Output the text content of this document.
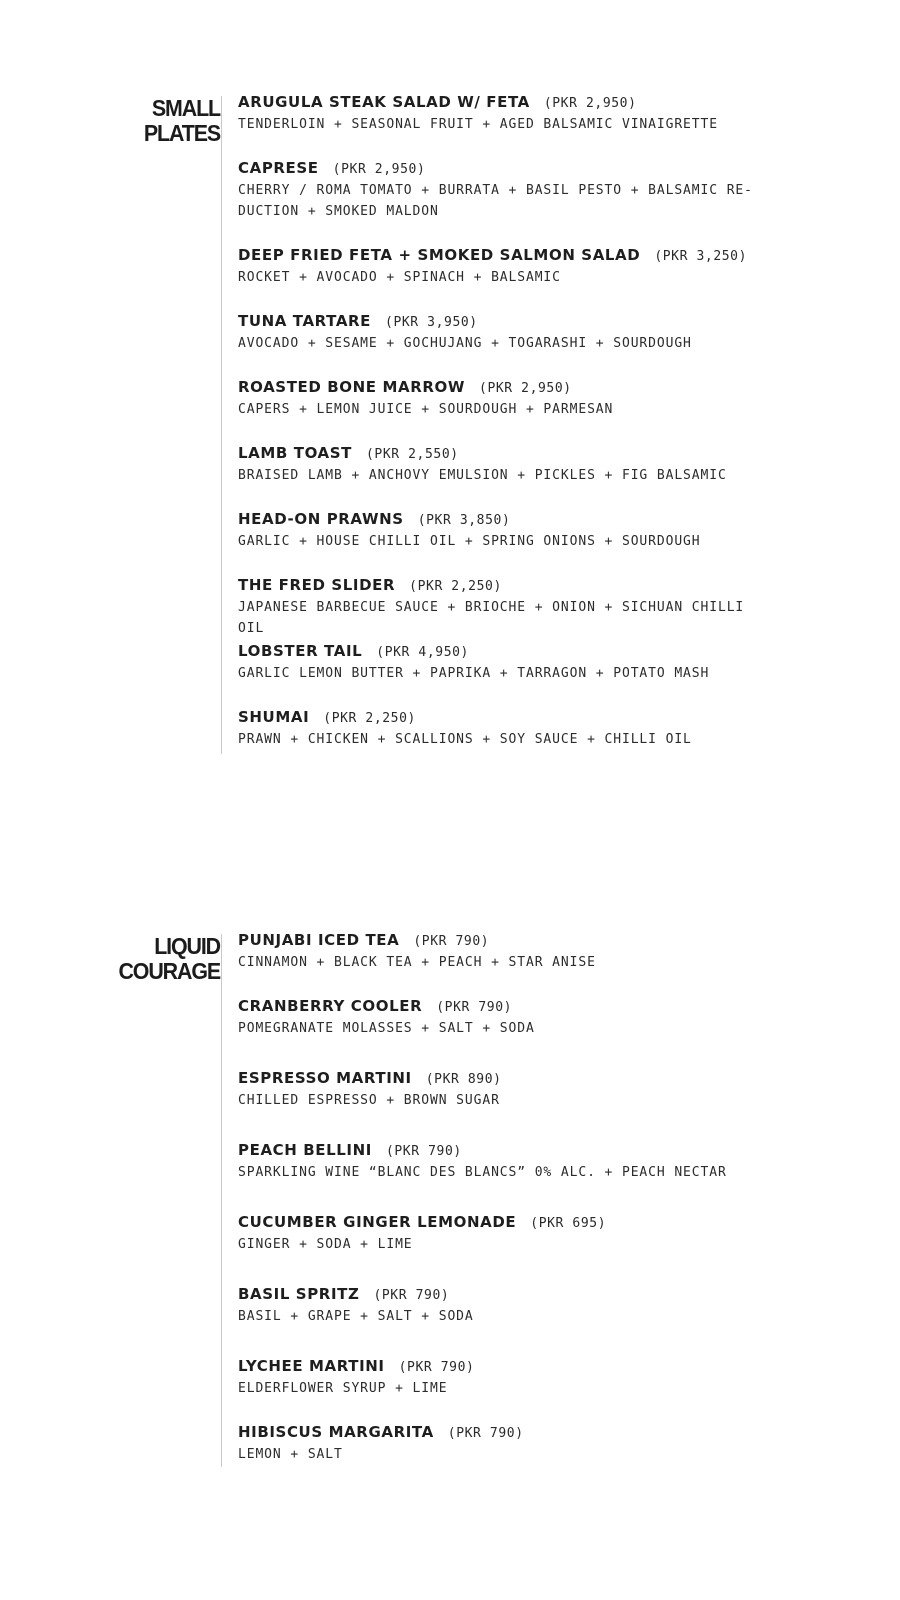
SMALL
PLATES
ARUGULA STEAK SALAD W/ FETA (PKR 2,950)
TENDERLOIN + SEASONAL FRUIT + AGED BALSAMIC VINAIGRETTE
CAPRESE (PKR 2,950)
CHERRY / ROMA TOMATO + BURRATA + BASIL PESTO + BALSAMIC RE-DUCTION + SMOKED MALDON
DEEP FRIED FETA + SMOKED SALMON SALAD (PKR 3,250)
ROCKET + AVOCADO + SPINACH + BALSAMIC
TUNA TARTARE (PKR 3,950)
AVOCADO + SESAME + GOCHUJANG + TOGARASHI + SOURDOUGH
ROASTED BONE MARROW (PKR 2,950)
CAPERS + LEMON JUICE + SOURDOUGH + PARMESAN
LAMB TOAST (PKR 2,550)
BRAISED LAMB + ANCHOVY EMULSION + PICKLES + FIG BALSAMIC
HEAD-ON PRAWNS (PKR 3,850)
GARLIC + HOUSE CHILLI OIL + SPRING ONIONS + SOURDOUGH
THE FRED SLIDER (PKR 2,250)
JAPANESE BARBECUE SAUCE + BRIOCHE + ONION + SICHUAN CHILLI OIL
LOBSTER TAIL (PKR 4,950)
GARLIC LEMON BUTTER + PAPRIKA + TARRAGON + POTATO MASH
SHUMAI (PKR 2,250)
PRAWN + CHICKEN + SCALLIONS + SOY SAUCE + CHILLI OIL
LIQUID
COURAGE
PUNJABI ICED TEA (PKR 790)
CINNAMON + BLACK TEA + PEACH + STAR ANISE
CRANBERRY COOLER (PKR 790)
POMEGRANATE MOLASSES + SALT + SODA
ESPRESSO MARTINI (PKR 890)
CHILLED ESPRESSO + BROWN SUGAR
PEACH BELLINI (PKR 790)
SPARKLING WINE “BLANC DES BLANCS” 0% ALC. + PEACH NECTAR
CUCUMBER GINGER LEMONADE (PKR 695)
GINGER + SODA + LIME
BASIL SPRITZ (PKR 790)
BASIL + GRAPE + SALT + SODA
LYCHEE MARTINI (PKR 790)
ELDERFLOWER SYRUP + LIME
HIBISCUS MARGARITA (PKR 790)
LEMON + SALT
